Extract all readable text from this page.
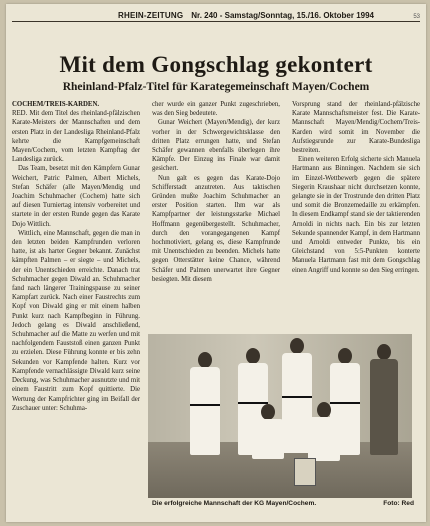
RHEIN-ZEITUNG Nr. 240 - Samstag/Sonntag, 15./16. Oktober 1994	53
Mit dem Gongschlag gekontert
Rheinland-Pfalz-Titel für Karategemeinschaft Mayen/Cochem

COCHEM/TREIS-KARDEN.

RED. Mit dem Titel des rheinland-pfälzischen Karate-Meisters der Mannschaften und dem ersten Platz in der Landesliga Rheinland-Pfalz kehrte die Kampfgemeinschaft Mayen/Cochem, vom letzten Kampftag der Landesliga zurück.

Das Team, besetzt mit den Kämpfern Gunar Weichert, Patric Palmen, Albert Michels, Stefan Schäfer (alle Mayen/Mendig und Joachim Schuhmacher (Cochem) hatte sich auf diesen Turniertag intensiv vorbereitet und startete in der ersten Runde gegen das Karate Dojo Wittlich.

Wittlich, eine Mannschaft, gegen die man in den letzten beiden Kampfrunden verloren hatte, ist als harter Gegner bekannt. Zunächst kämpften Palmen – er siegte – und Michels, der ein Unentschieden erreichte. Danach trat Schuhmacher gegen Diwald an. Schuhmacher fand nach längerer Trainingspause zu seiner Kampfart zurück. Nach einer Faustrechts zum Kopf von Diwald ging er mit einem halben Punkt kurz nach Kampfbeginn in Führung. Jedoch gelang es Diwald anschließend, Schuhmacher auf die Matte zu werfen und mit nachfolgendem Fauststoß einen ganzen Punkt zu erzielen. Diese Führung konnte er bis zehn Sekunden vor Kampfende halten. Kurz vor Kampfende vernachlässigte Diwald kurz seine Deckung, was Schuhmacher ausnutzte und mit einem Faustritt zum Kopf quittierte. Die Wertung der Kampfrichter ging im Beifall der Zuschauer unter: Schuhma-

cher wurde ein ganzer Punkt zugeschrieben, was den Sieg bedeutete.

Gunar Weichert (Mayen/Mendig), der kurz vorher in der Schwergewichtsklasse den dritten Platz errungen hatte, und Stefan Schäfer gewannen ebenfalls überlegen ihre Kämpfe. Der Einzug ins Finale war damit gesichert.

Nun galt es gegen das Karate-Dojo Schifferstadt anzutreten. Aus taktischen Gründen mußte Joachim Schuhmacher an erster Position starten. Ihm war als Kampfpartner der leistungsstarke Michael Hoffmann gegenübergestellt. Schuhmacher, durch den vorangegangenen Kampf hochmotiviert, gelang es, diese Kampfrunde mit Unentschieden zu beenden. Michels hatte gegen Otterstätter keine Chance, während Schäfer und Palmen unerwartet ihre Gegner besiegten. Mit diesem

Vorsprung stand der rheinland-pfälzische Karate Mannschaftsmeister fest. Die Karate-Mannschaft Mayen/Mendig/Cochem/Treis-Karden wird somit im November die Aufstiegsrunde zur Karate-Bundesliga bestreiten.

Einen weiteren Erfolg sicherte sich Manuela Hartmann aus Binningen. Nachdem sie sich im Einzel-Wettbewerb gegen die spätere Siegerin Kraushaar nicht durchsetzen konnte, gelangte sie in der Trostrunde den dritten Platz und somit die Bronzemedaille zu erkämpfen. In diesem Endkampf stand sie der taktierenden Arnoldi in nichts nach. Ein bis zur letzten Sekunde spannender Kampf, in dem Hartmann und Arnoldi entweder Punkte, bis ein Gleichstand von 5:5-Punkten konterte Manuela Hartmann fast mit dem Gongschlag einen Angriff und konnte so den Sieg erringen.

Die erfolgreiche Mannschaft der KG Mayen/Cochem.	Foto: Red
